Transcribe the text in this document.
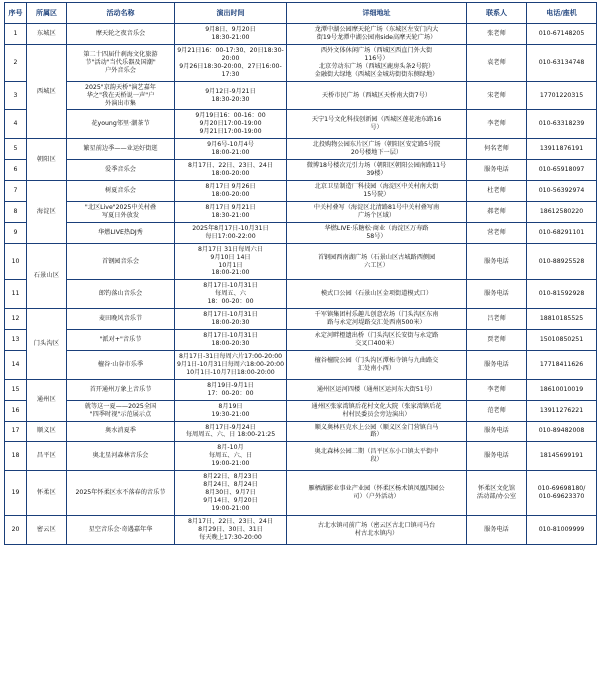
序号	所属区	活动名称	演出时间	详细地址	联系人	电话/座机
1	东城区	摩天轮之夜音乐会	9月8日、9月20日
18:30-21:00	龙潭中湖公园摩天轮广场（东城区左安门内大
街19号龙潭中湖公园南side高摩天轮广场）	张老师	010-67148205
2	西城区	第二十四届什刹海文化旅游
节"活动"当代乐器及国潮"
户外音乐会	9月21日16：00-17:30、20日18:30-
20:00
9月26日18:30-20:00、27日16:00-
17:30	西外文体休闲广场（西城区西直门外大街
116号）
北京劳动东广场（西城区鹿房头条2号院）
金融街大绿地（西城区金城坊街街东侧绿地）	袁老师	010-63134748
3		2025"京韵天桥"演艺嘉年
华之"我在天桥说一声"户
外演出市集	9月12日-9月21日
18:30-20:30	天桥市民广场（西城区天桥南大街7号）	宋老师	17701220315
4		花young邻里·潮茶节	9月19日16：00-16：00
9月20日17:00-19:00
9月21日17:00-19:00	天宁1号文化科技创新园（西城区莲花池东路16
号）	李老师	010-63318239
5	朝阳区	繁星前边季——业运好街逛	9月6号-10月4号
18:00-21:00	北投购物公园东片区广场（朝阳区安定路5号院
20号楼地下一层）	何名老师	13911876191
6		爱季音乐会	8月17日、22日、23日、24日
18:00-20:00	微博18号楼次元引力场（朝阳区朝阳公园南路11号
39楼）	服务电话	010-65918097
7	海淀区	树夏音乐会	8月17日 9月26日
18:00-20:00	北京卫星制造厂科技园（海淀区中关村南大街
15号院）	杜老师	010-56392974
8		"北区Live"2025中关村叠
写夏日外放发	8月17日 9月21日
18:30-21:00	中关村叠写（海淀区北清路81号中关村叠写南
广场个区域）	郝老师	18612580220
9		华燃LIVE热DJ秀	2025年8月17日-10月31日
每日17:00-22:00	华燃LIVE·乐糖松·商业（海淀区万寿路
58号）	营老师	010-68291101
10	石景山区	首钢园音乐会	8月17日 31日每周六日
9月10日 14日
10月1日
18:00-21:00	首钢园西南湖广场（石景山区古城路西侧园
六工区）	服务电话	010-88925528
11		郎钓落山音乐会	8月17日-10月31日
每周五、六
18：00-20：00	模式口公园（石景山区金项街道模式口）	服务电话	010-81592928
12	门头沟区	麦田晚风音乐节	8月17日-10月31日
18:00-20:30	千军镇集团村乐趣儿创意农场（门头沟区东南
路与永定河堤路交汇处西南500米）	吕老师	18810185525
13		"派对+"音乐节	8月17日-10月31日
18:00-20:30	永定河畔橙遗出桥（门头沟区长安街与永定路
交叉口400米）	贾老师	15010850251
14		檀谷·山谷市乐季	8月17日-31日每周六片17:00-20:00
9月1日-10月31日每周六18:00-20:00
10月1日-10月7日18:00-20:00	檀谷檀院公园（门头沟区潭柘寺镇与九曲路交
汇处南小西）	服务电话	17718411626
15	通州区	首开通州万象上音乐节	8月19日-9月1日
17：00-20：00	通州区运河四楼（通州区运河东大街51号）	李老师	18610010019
16		就等这一夏——2025全国
"四季时视"示范展示点	8月19日
19:30-21:00	通州区张家湾镇后花村文化大院（张家湾镇后花
村村民委员会旁边演出）	范老师	13911276221
17	顺义区	奥水消夏季	8月17日-9月24日
每周周五、六、日 18:00-21:25	顺义奥林匹克水上公园（顺义区金门营镇白马
路）	服务电话	010-89482008
18	昌平区	奥北星河森林音乐会	8月-10月
每周五、六、日
19:00-21:00	奥北森林公园二期（昌平区东小口镇太平街中
段）	服务电话	18145699191
19	怀柔区	2025年怀柔区水不落春的音乐节	8月22日、8月23日
8月24日、8月24日
8月30日、9月7日
9月14日、9月20日
19:00-21:00	雁栖湖影业事业产业园（怀柔区杨术镇凤凰四园公
司）（户外活动）	怀柔区文化馆
活动部/办公室	010-69698180/
010-69623370

20	密云区	星空音乐会·奇遇嘉年华	8月17日、22日、23日、24日
8月29日、30日、31日
每天晚上17:30-20:00	古北水镇司前广场（密云区古北口镇司马台
村古北水镇内）	服务电话	010-81009999
